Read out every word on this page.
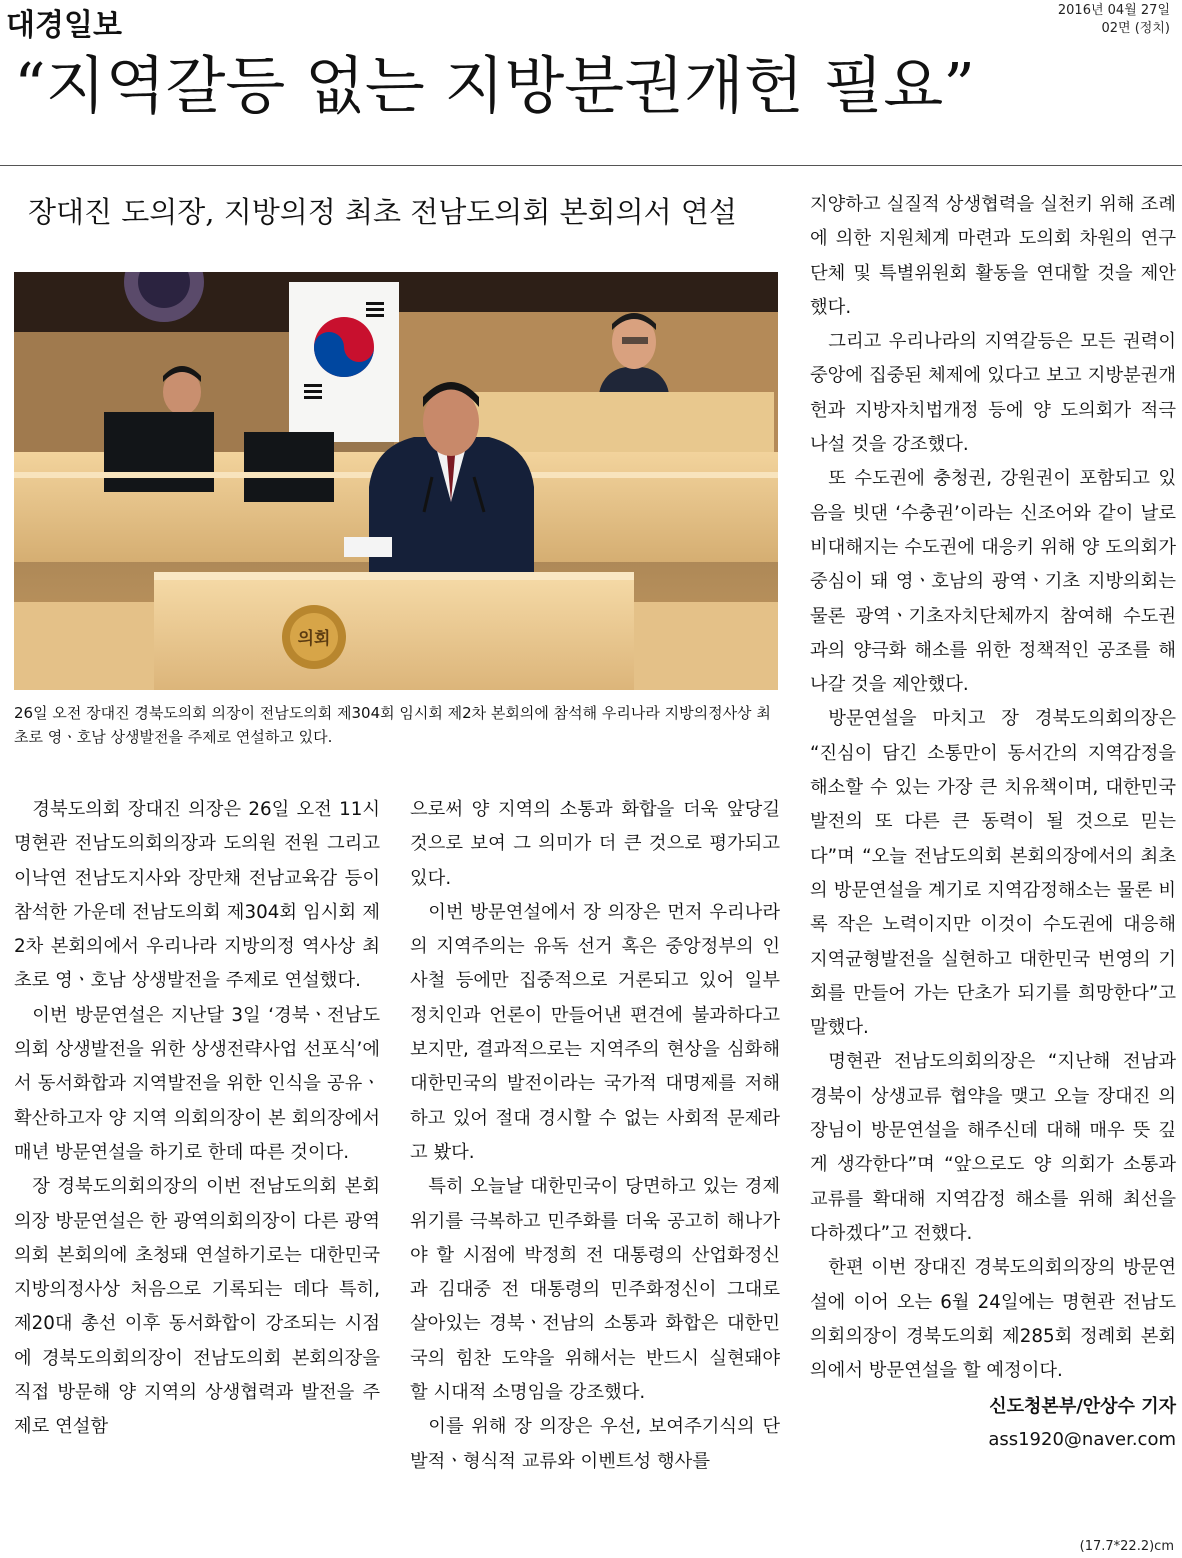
대경일보	2016년 04월 27일
02면 (정치)
“지역갈등 없는 지방분권개헌 필요”
장대진 도의장, 지방의정 최초 전남도의회 본회의서 연설
의회
26일 오전 장대진 경북도의회 의장이 전남도의회 제304회 임시회 제2차 본회의에 참석해 우리나라 지방의정사상 최초로 영ㆍ호남 상생발전을 주제로 연설하고 있다.

경북도의회 장대진 의장은 26일 오전 11시 명현관 전남도의회의장과 도의원 전원 그리고 이낙연 전남도지사와 장만채 전남교육감 등이 참석한 가운데 전남도의회 제304회 임시회 제2차 본회의에서 우리나라 지방의정 역사상 최초로 영ㆍ호남 상생발전을 주제로 연설했다.

이번 방문연설은 지난달 3일 ‘경북ㆍ전남도의회 상생발전을 위한 상생전략사업 선포식’에서 동서화합과 지역발전을 위한 인식을 공유ㆍ확산하고자 양 지역 의회의장이 본 회의장에서 매년 방문연설을 하기로 한데 따른 것이다.

장 경북도의회의장의 이번 전남도의회 본회의장 방문연설은 한 광역의회의장이 다른 광역의회 본회의에 초청돼 연설하기로는 대한민국 지방의정사상 처음으로 기록되는 데다 특히, 제20대 총선 이후 동서화합이 강조되는 시점에 경북도의회의장이 전남도의회 본회의장을 직접 방문해 양 지역의 상생협력과 발전을 주제로 연설함

으로써 양 지역의 소통과 화합을 더욱 앞당길 것으로 보여 그 의미가 더 큰 것으로 평가되고 있다.

이번 방문연설에서 장 의장은 먼저 우리나라의 지역주의는 유독 선거 혹은 중앙정부의 인사철 등에만 집중적으로 거론되고 있어 일부 정치인과 언론이 만들어낸 편견에 불과하다고 보지만, 결과적으로는 지역주의 현상을 심화해 대한민국의 발전이라는 국가적 대명제를 저해하고 있어 절대 경시할 수 없는 사회적 문제라고 봤다.

특히 오늘날 대한민국이 당면하고 있는 경제위기를 극복하고 민주화를 더욱 공고히 해나가야 할 시점에 박정희 전 대통령의 산업화정신과 김대중 전 대통령의 민주화정신이 그대로 살아있는 경북ㆍ전남의 소통과 화합은 대한민국의 힘찬 도약을 위해서는 반드시 실현돼야 할 시대적 소명임을 강조했다.

이를 위해 장 의장은 우선, 보여주기식의 단발적ㆍ형식적 교류와 이벤트성 행사를

지양하고 실질적 상생협력을 실천키 위해 조례에 의한 지원체계 마련과 도의회 차원의 연구단체 및 특별위원회 활동을 연대할 것을 제안했다.

그리고 우리나라의 지역갈등은 모든 권력이 중앙에 집중된 체제에 있다고 보고 지방분권개헌과 지방자치법개정 등에 양 도의회가 적극 나설 것을 강조했다.

또 수도권에 충청권, 강원권이 포함되고 있음을 빗댄 ‘수충권’이라는 신조어와 같이 날로 비대해지는 수도권에 대응키 위해 양 도의회가 중심이 돼 영ㆍ호남의 광역ㆍ기초 지방의회는 물론 광역ㆍ기초자치단체까지 참여해 수도권과의 양극화 해소를 위한 정책적인 공조를 해나갈 것을 제안했다.

방문연설을 마치고 장 경북도의회의장은 “진심이 담긴 소통만이 동서간의 지역감정을 해소할 수 있는 가장 큰 치유책이며, 대한민국 발전의 또 다른 큰 동력이 될 것으로 믿는다”며 “오늘 전남도의회 본회의장에서의 최초의 방문연설을 계기로 지역감정해소는 물론 비록 작은 노력이지만 이것이 수도권에 대응해 지역균형발전을 실현하고 대한민국 번영의 기회를 만들어 가는 단초가 되기를 희망한다”고 말했다.

명현관 전남도의회의장은 “지난해 전남과 경북이 상생교류 협약을 맺고 오늘 장대진 의장님이 방문연설을 해주신데 대해 매우 뜻 깊게 생각한다”며 “앞으로도 양 의회가 소통과 교류를 확대해 지역감정 해소를 위해 최선을 다하겠다”고 전했다.

한편 이번 장대진 경북도의회의장의 방문연설에 이어 오는 6월 24일에는 명현관 전남도의회의장이 경북도의회 제285회 정례회 본회의에서 방문연설을 할 예정이다.

신도청본부/안상수 기자
ass1920@naver.com
(17.7*22.2)cm
